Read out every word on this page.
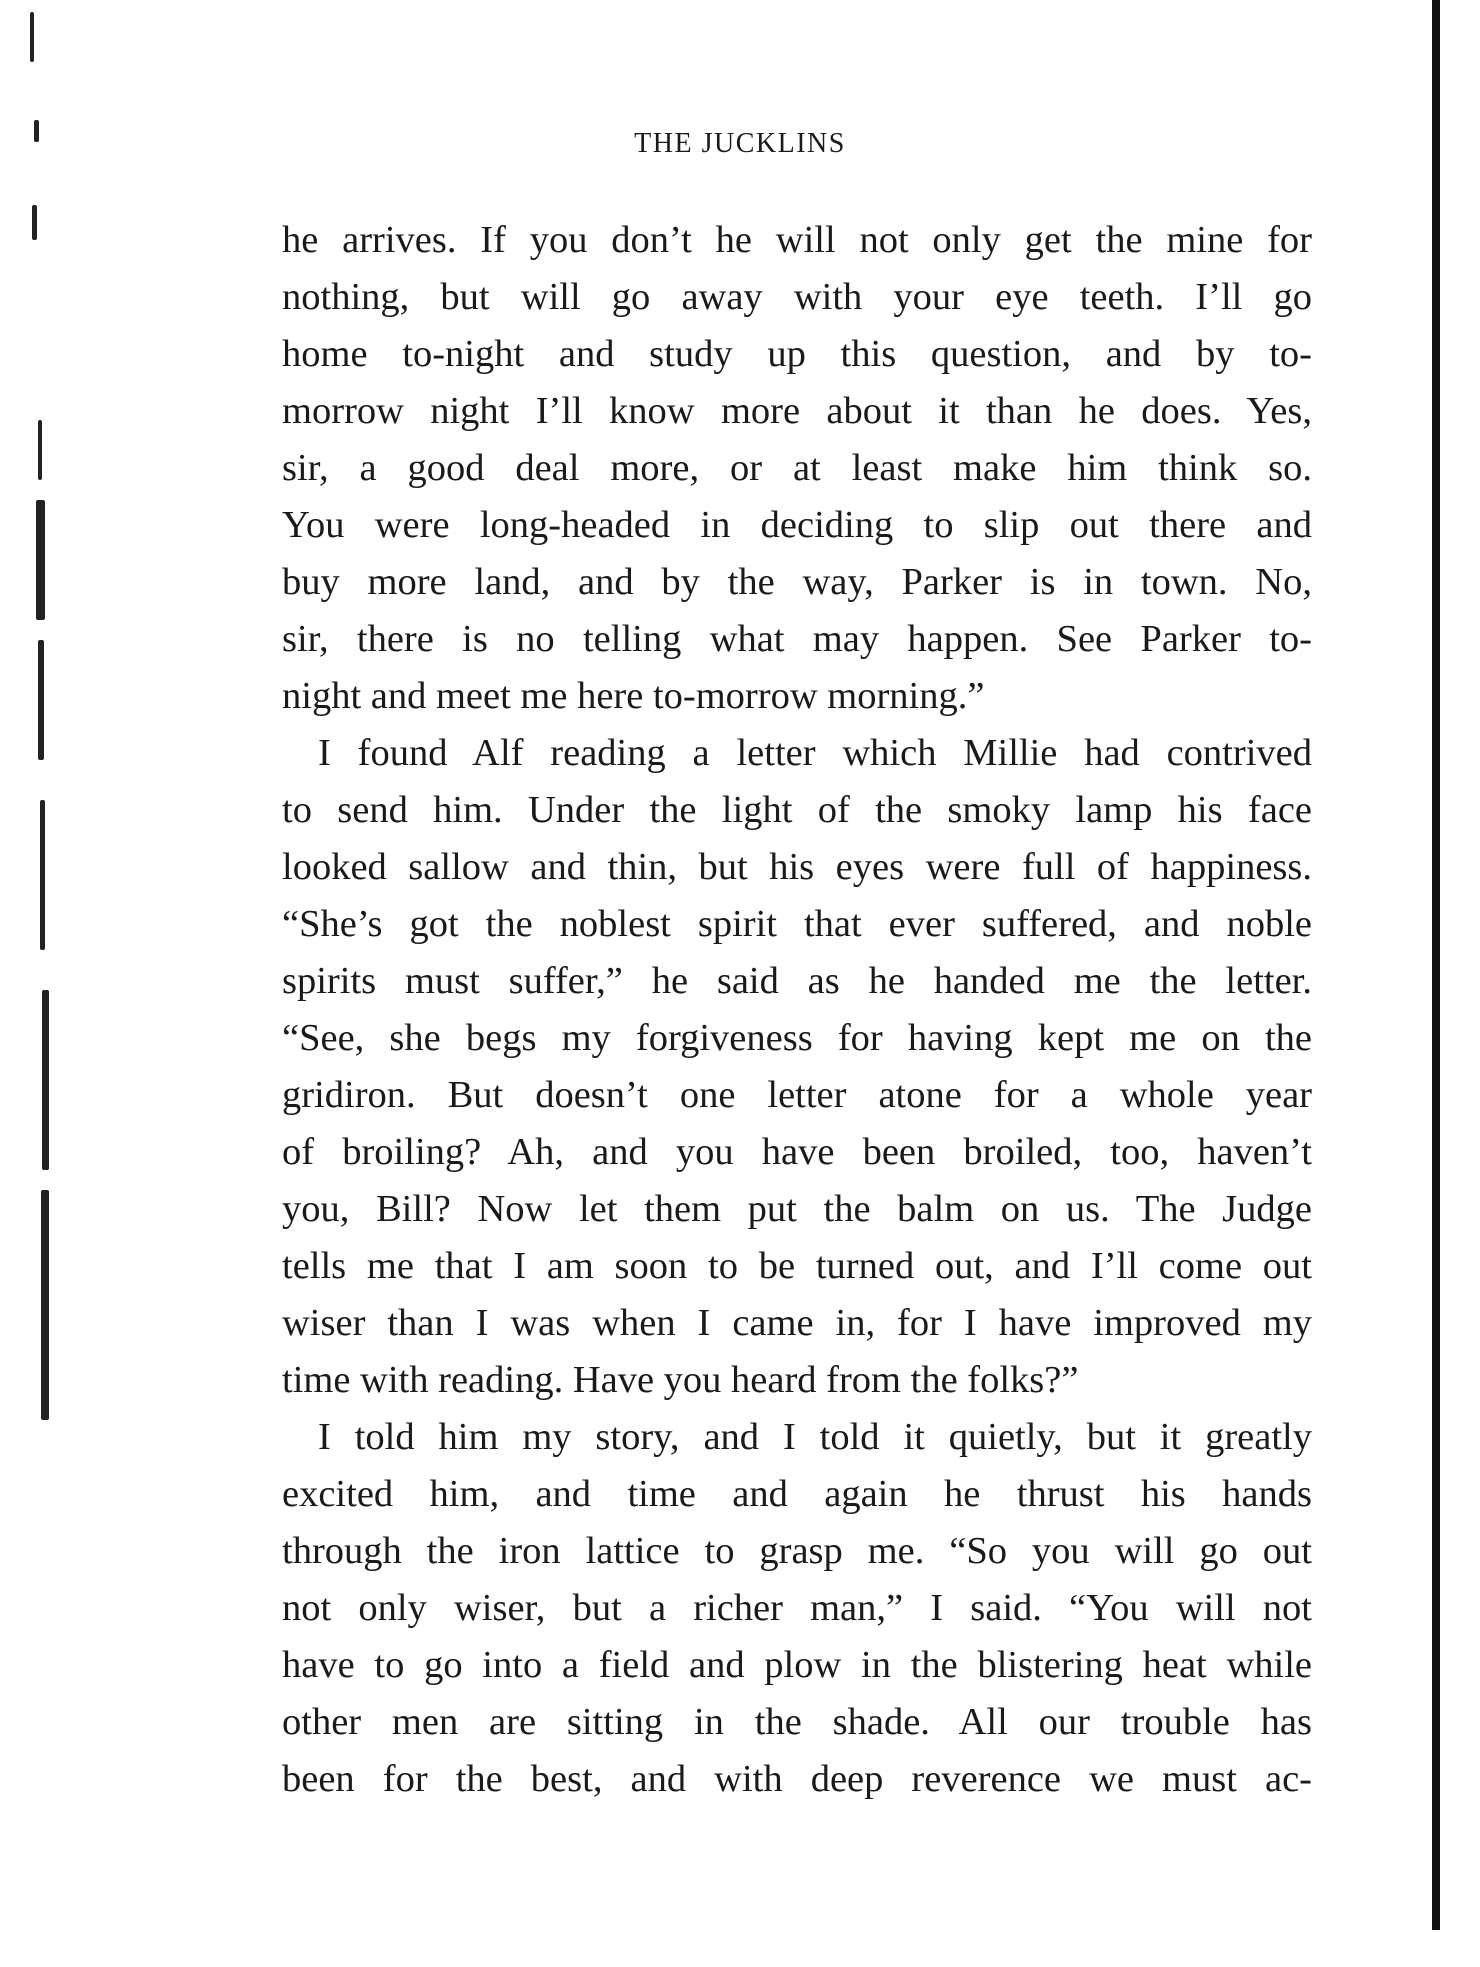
THE JUCKLINS
he arrives. If you don’t he will not only get the mine for
nothing, but will go away with your eye teeth. I’ll go
home to-night and study up this question, and by to-
morrow night I’ll know more about it than he does. Yes,
sir, a good deal more, or at least make him think so.
You were long-headed in deciding to slip out there and
buy more land, and by the way, Parker is in town. No,
sir, there is no telling what may happen. See Parker to-
night and meet me here to-morrow morning.”
I found Alf reading a letter which Millie had contrived
to send him. Under the light of the smoky lamp his face
looked sallow and thin, but his eyes were full of happiness.
“She’s got the noblest spirit that ever suffered, and noble
spirits must suffer,” he said as he handed me the letter.
“See, she begs my forgiveness for having kept me on the
gridiron. But doesn’t one letter atone for a whole year
of broiling? Ah, and you have been broiled, too, haven’t
you, Bill? Now let them put the balm on us. The Judge
tells me that I am soon to be turned out, and I’ll come out
wiser than I was when I came in, for I have improved my
time with reading. Have you heard from the folks?”
I told him my story, and I told it quietly, but it greatly
excited him, and time and again he thrust his hands
through the iron lattice to grasp me. “So you will go out
not only wiser, but a richer man,” I said. “You will not
have to go into a field and plow in the blistering heat while
other men are sitting in the shade. All our trouble has
been for the best, and with deep reverence we must ac-
